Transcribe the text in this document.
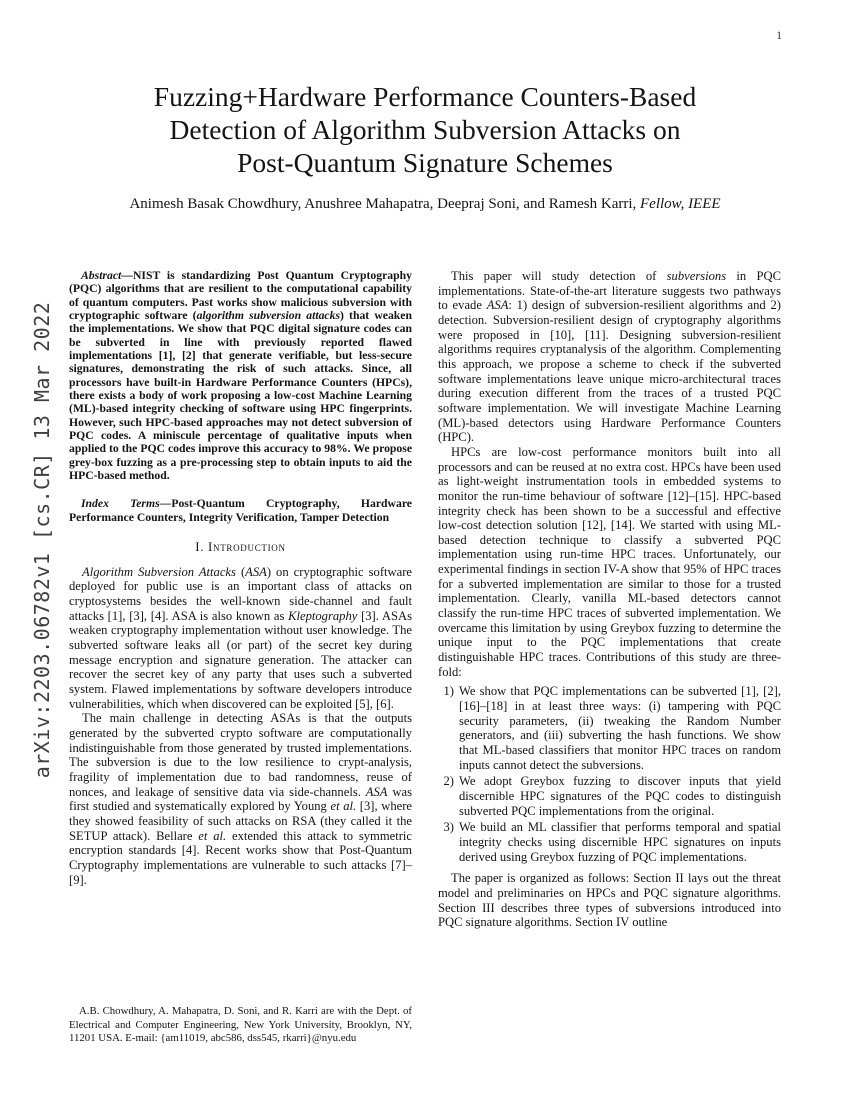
1
arXiv:2203.06782v1 [cs.CR] 13 Mar 2022
Fuzzing+Hardware Performance Counters-Based
Detection of Algorithm Subversion Attacks on
Post-Quantum Signature Schemes
Animesh Basak Chowdhury, Anushree Mahapatra, Deepraj Soni, and Ramesh Karri, Fellow, IEEE

Abstract—NIST is standardizing Post Quantum Cryptography (PQC) algorithms that are resilient to the computational capability of quantum computers. Past works show malicious subversion with cryptographic software (algorithm subversion attacks) that weaken the implementations. We show that PQC digital signature codes can be subverted in line with previously reported flawed implementations [1], [2] that generate verifiable, but less-secure signatures, demonstrating the risk of such attacks. Since, all processors have built-in Hardware Performance Counters (HPCs), there exists a body of work proposing a low-cost Machine Learning (ML)-based integrity checking of software using HPC fingerprints. However, such HPC-based approaches may not detect subversion of PQC codes. A miniscule percentage of qualitative inputs when applied to the PQC codes improve this accuracy to 98%. We propose grey-box fuzzing as a pre-processing step to obtain inputs to aid the HPC-based method.

Index Terms—Post-Quantum Cryptography, Hardware Performance Counters, Integrity Verification, Tamper Detection

I. Introduction

Algorithm Subversion Attacks (ASA) on cryptographic software deployed for public use is an important class of attacks on cryptosystems besides the well-known side-channel and fault attacks [1], [3], [4]. ASA is also known as Kleptography [3]. ASAs weaken cryptography implementation without user knowledge. The subverted software leaks all (or part) of the secret key during message encryption and signature generation. The attacker can recover the secret key of any party that uses such a subverted system. Flawed implementations by software developers introduce vulnerabilities, which when discovered can be exploited [5], [6].

The main challenge in detecting ASAs is that the outputs generated by the subverted crypto software are computationally indistinguishable from those generated by trusted implementations. The subversion is due to the low resilience to crypt-analysis, fragility of implementation due to bad randomness, reuse of nonces, and leakage of sensitive data via side-channels. ASA was first studied and systematically explored by Young et al. [3], where they showed feasibility of such attacks on RSA (they called it the SETUP attack). Bellare et al. extended this attack to symmetric encryption standards [4]. Recent works show that Post-Quantum Cryptography implementations are vulnerable to such attacks [7]–[9].

A.B. Chowdhury, A. Mahapatra, D. Soni, and R. Karri are with the Dept. of Electrical and Computer Engineering, New York University, Brooklyn, NY, 11201 USA. E-mail: {am11019, abc586, dss545, rkarri}@nyu.edu

This paper will study detection of subversions in PQC implementations. State-of-the-art literature suggests two pathways to evade ASA: 1) design of subversion-resilient algorithms and 2) detection. Subversion-resilient design of cryptography algorithms were proposed in [10], [11]. Designing subversion-resilient algorithms requires cryptanalysis of the algorithm. Complementing this approach, we propose a scheme to check if the subverted software implementations leave unique micro-architectural traces during execution different from the traces of a trusted PQC software implementation. We will investigate Machine Learning (ML)-based detectors using Hardware Performance Counters (HPC).

HPCs are low-cost performance monitors built into all processors and can be reused at no extra cost. HPCs have been used as light-weight instrumentation tools in embedded systems to monitor the run-time behaviour of software [12]–[15]. HPC-based integrity check has been shown to be a successful and effective low-cost detection solution [12], [14]. We started with using ML-based detection technique to classify a subverted PQC implementation using run-time HPC traces. Unfortunately, our experimental findings in section IV-A show that 95% of HPC traces for a subverted implementation are similar to those for a trusted implementation. Clearly, vanilla ML-based detectors cannot classify the run-time HPC traces of subverted implementation. We overcame this limitation by using Greybox fuzzing to determine the unique input to the PQC implementations that create distinguishable HPC traces. Contributions of this study are three-fold:

1) We show that PQC implementations can be subverted [1], [2], [16]–[18] in at least three ways: (i) tampering with PQC security parameters, (ii) tweaking the Random Number generators, and (iii) subverting the hash functions. We show that ML-based classifiers that monitor HPC traces on random inputs cannot detect the subversions.
2) We adopt Greybox fuzzing to discover inputs that yield discernible HPC signatures of the PQC codes to distinguish subverted PQC implementations from the original.
3) We build an ML classifier that performs temporal and spatial integrity checks using discernible HPC signatures on inputs derived using Greybox fuzzing of PQC implementations.

The paper is organized as follows: Section II lays out the threat model and preliminaries on HPCs and PQC signature algorithms. Section III describes three types of subversions introduced into PQC signature algorithms. Section IV outline
